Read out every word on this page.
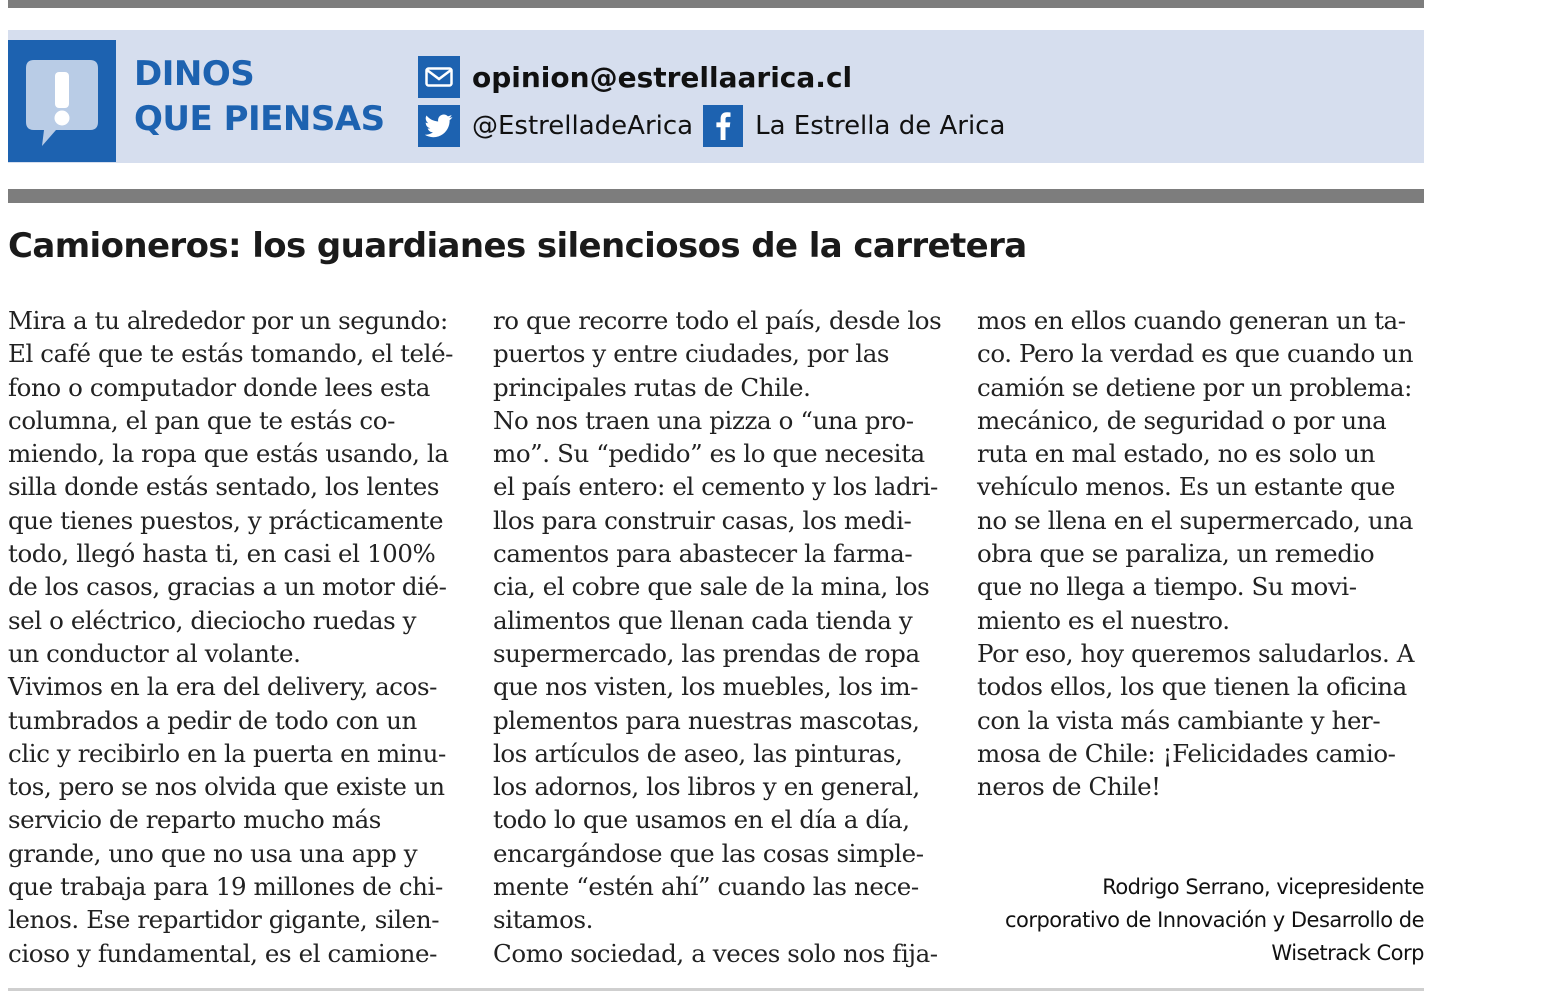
DINOS
QUE PIENSAS
opinion@estrellaarica.cl
@EstrelladeArica La Estrella de Arica
Camioneros: los guardianes silenciosos de la carretera
Mira a tu alrededor por un segundo:
El café que te estás tomando, el telé-
fono o computador donde lees esta
columna, el pan que te estás co-
miendo, la ropa que estás usando, la
silla donde estás sentado, los lentes
que tienes puestos, y prácticamente
todo, llegó hasta ti, en casi el 100%
de los casos, gracias a un motor dié-
sel o eléctrico, dieciocho ruedas y
un conductor al volante.
Vivimos en la era del delivery, acos-
tumbrados a pedir de todo con un
clic y recibirlo en la puerta en minu-
tos, pero se nos olvida que existe un
servicio de reparto mucho más
grande, uno que no usa una app y
que trabaja para 19 millones de chi-
lenos. Ese repartidor gigante, silen-
cioso y fundamental, es el camione-
ro que recorre todo el país, desde los
puertos y entre ciudades, por las
principales rutas de Chile.
No nos traen una pizza o “una pro-
mo”. Su “pedido” es lo que necesita
el país entero: el cemento y los ladri-
llos para construir casas, los medi-
camentos para abastecer la farma-
cia, el cobre que sale de la mina, los
alimentos que llenan cada tienda y
supermercado, las prendas de ropa
que nos visten, los muebles, los im-
plementos para nuestras mascotas,
los artículos de aseo, las pinturas,
los adornos, los libros y en general,
todo lo que usamos en el día a día,
encargándose que las cosas simple-
mente “estén ahí” cuando las nece-
sitamos.
Como sociedad, a veces solo nos fija-
mos en ellos cuando generan un ta-
co. Pero la verdad es que cuando un
camión se detiene por un problema:
mecánico, de seguridad o por una
ruta en mal estado, no es solo un
vehículo menos. Es un estante que
no se llena en el supermercado, una
obra que se paraliza, un remedio
que no llega a tiempo. Su movi-
miento es el nuestro.
Por eso, hoy queremos saludarlos. A
todos ellos, los que tienen la oficina
con la vista más cambiante y her-
mosa de Chile: ¡Felicidades camio-
neros de Chile!
Rodrigo Serrano, vicepresidente
corporativo de Innovación y Desarrollo de
Wisetrack Corp
